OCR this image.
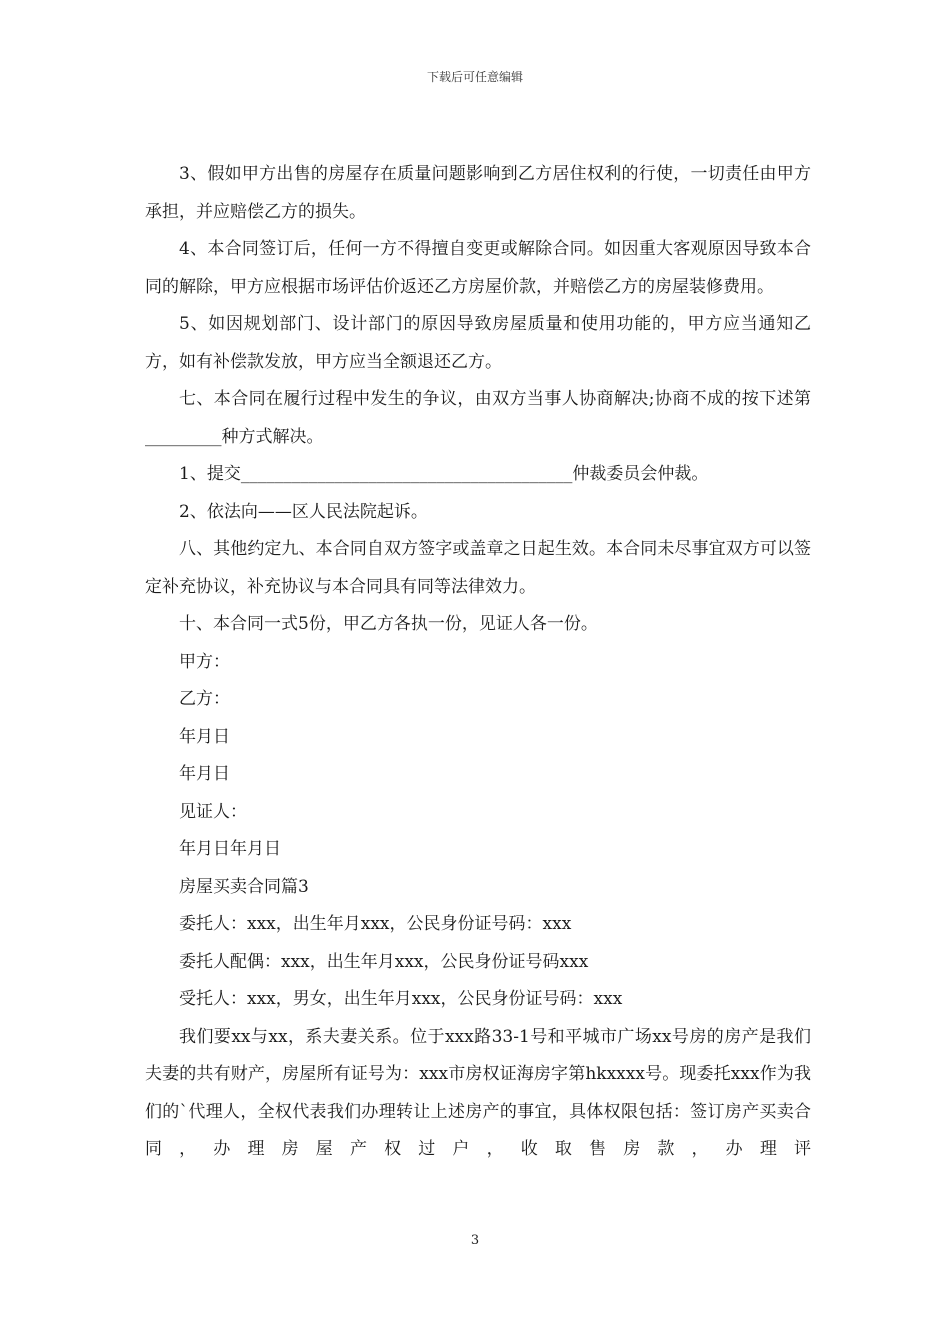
下载后可任意编辑

3、假如甲方出售的房屋存在质量问题影响到乙方居住权利的行使，一切责任由甲方承担，并应赔偿乙方的损失。

4、本合同签订后，任何一方不得擅自变更或解除合同。如因重大客观原因导致本合同的解除，甲方应根据市场评估价返还乙方房屋价款，并赔偿乙方的房屋装修费用。

5、如因规划部门、设计部门的原因导致房屋质量和使用功能的，甲方应当通知乙方，如有补偿款发放，甲方应当全额退还乙方。

七、本合同在履行过程中发生的争议，由双方当事人协商解决;协商不成的按下述第_________种方式解决。

1、提交_______________________________________仲裁委员会仲裁。

2、依法向——区人民法院起诉。

八、其他约定九、本合同自双方签字或盖章之日起生效。本合同未尽事宜双方可以签定补充协议，补充协议与本合同具有同等法律效力。

十、本合同一式5份，甲乙方各执一份，见证人各一份。

甲方：

乙方：

年月日

年月日

见证人：

年月日年月日

房屋买卖合同篇3

委托人：xxx，出生年月xxx，公民身份证号码：xxx

委托人配偶：xxx，出生年月xxx，公民身份证号码xxx

受托人：xxx，男女，出生年月xxx，公民身份证号码：xxx

我们要xx与xx，系夫妻关系。位于xxx路33-1号和平城市广场xx号房的房产是我们夫妻的共有财产，房屋所有证号为：xxx市房权证海房字第hkxxxx号。现委托xxx作为我们的`代理人，全权代表我们办理转让上述房产的事宜，具体权限包括：签订房产买卖合同，办理房屋产权过户，收取售房款，办理评

3
